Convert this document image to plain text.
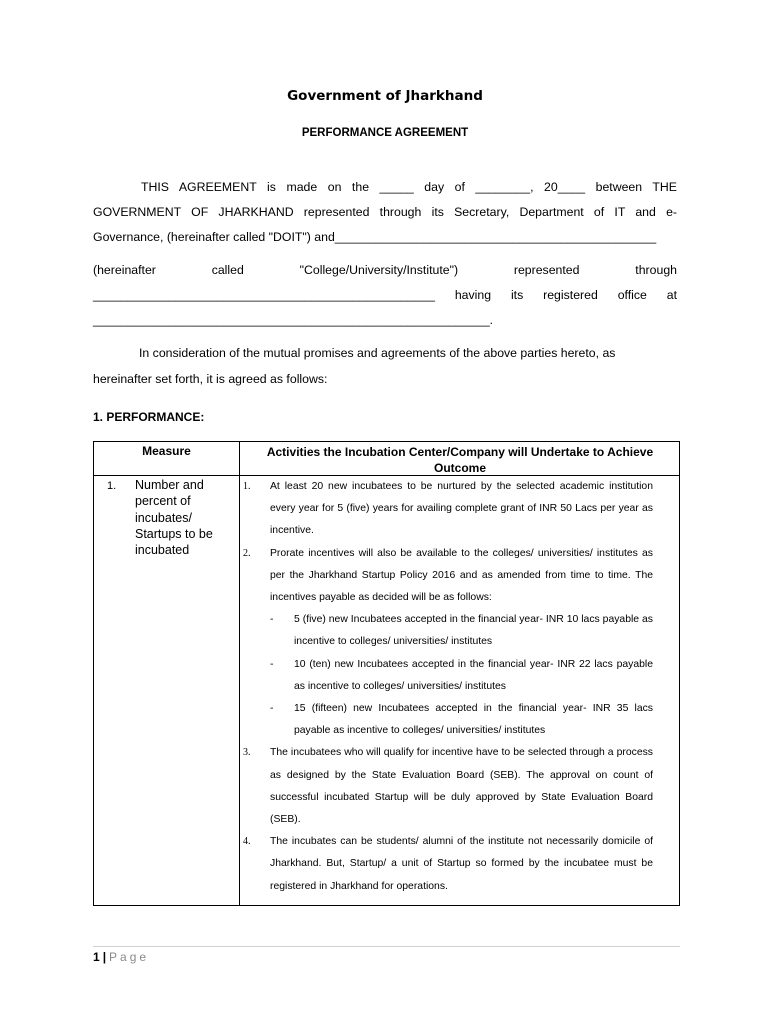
Government of Jharkhand
PERFORMANCE AGREEMENT
THIS AGREEMENT is made on the _____ day of ________, 20____ between THE
GOVERNMENT OF JHARKHAND represented through its Secretary, Department of IT and e-
Governance, (hereinafter called "DOIT") and_______________________________________________
(hereinafter called "College/University/Institute") represented through
__________________________________________________ having its registered office at
__________________________________________________________.
In consideration of the mutual promises and agreements of the above parties hereto, as
hereinafter set forth, it is agreed as follows:
1. PERFORMANCE:
Measure	Activities the Incubation Center/Company will Undertake to Achieve Outcome
1. Number and percent of incubates/ Startups to be incubated
1. At least 20 new incubatees to be nurtured by the selected academic institution every year for 5 (five) years for availing complete grant of INR 50 Lacs per year as incentive.
2. Prorate incentives will also be available to the colleges/ universities/ institutes as per the Jharkhand Startup Policy 2016 and as amended from time to time. The incentives payable as decided will be as follows:
- 5 (five) new Incubatees accepted in the financial year- INR 10 lacs payable as incentive to colleges/ universities/ institutes
- 10 (ten) new Incubatees accepted in the financial year- INR 22 lacs payable as incentive to colleges/ universities/ institutes
- 15 (fifteen) new Incubatees accepted in the financial year- INR 35 lacs payable as incentive to colleges/ universities/ institutes
3. The incubatees who will qualify for incentive have to be selected through a process as designed by the State Evaluation Board (SEB). The approval on count of successful incubated Startup will be duly approved by State Evaluation Board (SEB).
4. The incubates can be students/ alumni of the institute not necessarily domicile of Jharkhand. But, Startup/ a unit of Startup so formed by the incubatee must be registered in Jharkhand for operations.
1 | Page
